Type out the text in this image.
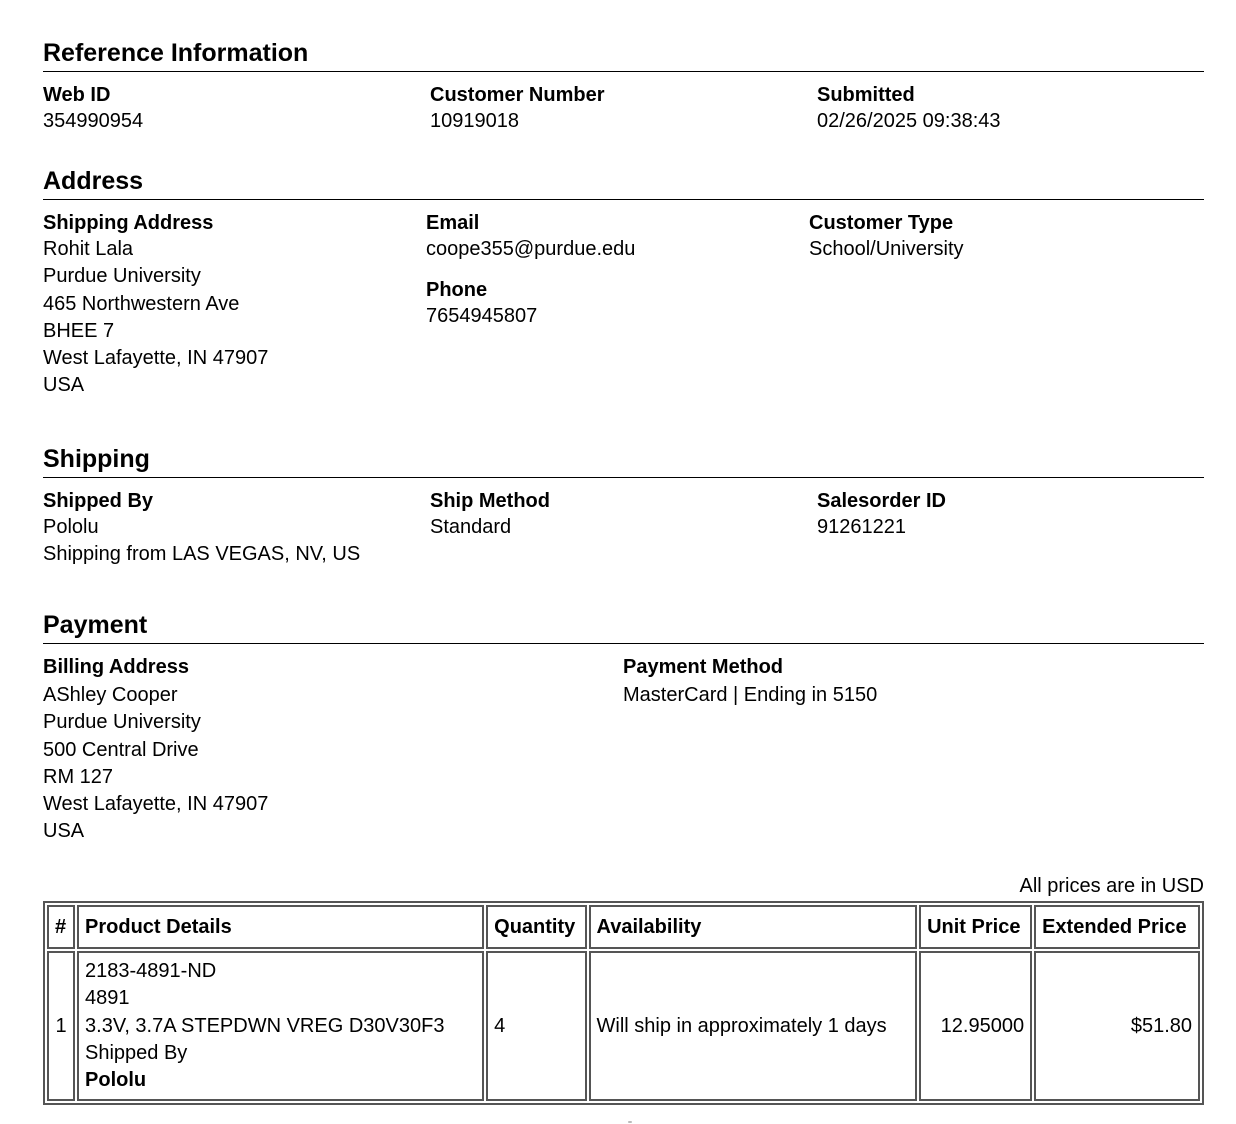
Reference Information
Web ID
354990954
Customer Number
10919018
Submitted
02/26/2025 09:38:43
Address
Shipping Address
Rohit Lala
Purdue University
465 Northwestern Ave
BHEE 7
West Lafayette, IN 47907
USA
Email
coope355@purdue.edu
Phone
7654945807
Customer Type
School/University
Shipping
Shipped By
Pololu
Shipping from LAS VEGAS, NV, US
Ship Method
Standard
Salesorder ID
91261221
Payment
Billing Address
AShley Cooper
Purdue University
500 Central Drive
RM 127
West Lafayette, IN 47907
USA
Payment Method
MasterCard | Ending in 5150
All prices are in USD
#	Product Details	Quantity	Availability	Unit Price	Extended Price
1	2183-4891-ND
4891
3.3V, 3.7A STEPDWN VREG D30V30F3
Shipped By
Pololu	4	Will ship in approximately 1 days	12.95000	$51.80
